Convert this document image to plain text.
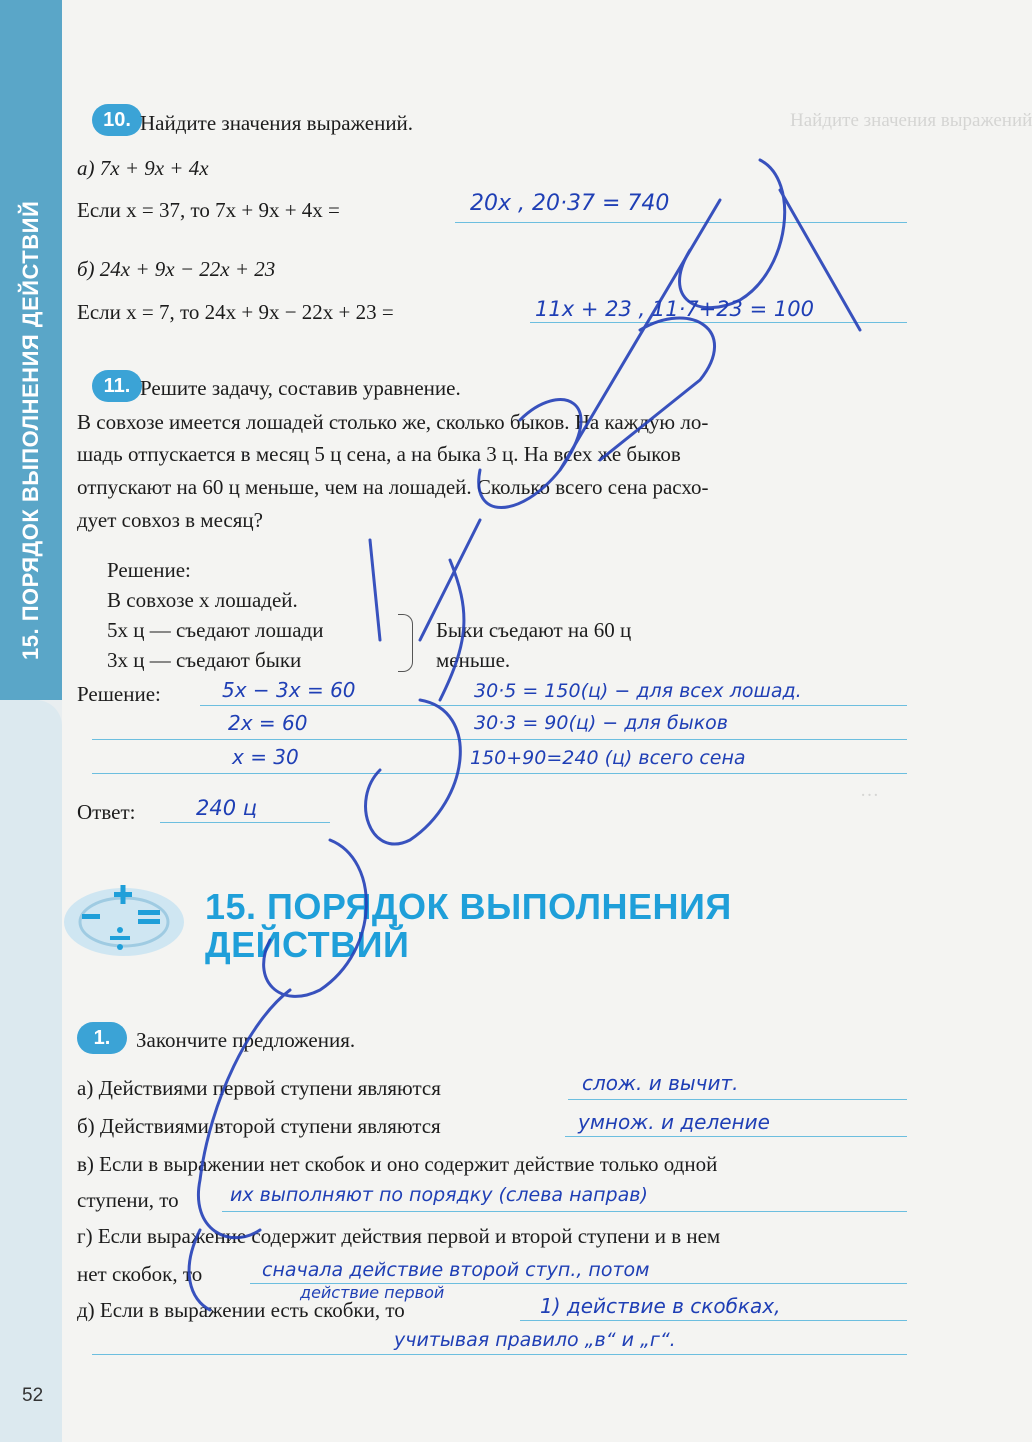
15. ПОРЯДОК ВЫПОЛНЕНИЯ ДЕЙСТВИЙ
52
Найдите значения выражений
…
10. Найдите значения выражений.
а) 7x + 9x + 4x
Если x = 37, то 7x + 9x + 4x =	20x , 20·37 = 740
б) 24x + 9x − 22x + 23
Если x = 7, то 24x + 9x − 22x + 23 =	11x + 23 , 11·7+23 = 100
11. Решите задачу, составив уравнение.
В совхозе имеется лошадей столько же, сколько быков. На каждую ло-
шадь отпускается в месяц 5 ц сена, а на быка 3 ц. На всех же быков
отпускают на 60 ц меньше, чем на лошадей. Сколько всего сена расхо-
дует совхоз в месяц?
Решение:
В совхозе x лошадей.
5x ц — съедают лошади
3x ц — съедают быки
Быки съедают на 60 ц
меньше.
Решение:	5x − 3x = 60
2x = 60
x = 30
30·5 = 150(ц) − для всех лошад.
30·3 = 90(ц) − для быков
150+90=240 (ц) всего сена
Ответ:	240 ц
15. ПОРЯДОК ВЫПОЛНЕНИЯ
ДЕЙСТВИЙ
1.	Закончите предложения.
а) Действиями первой ступени являются	слож. и вычит.
б) Действиями второй ступени являются	умнож. и деление
в) Если в выражении нет скобок и оно содержит действие только одной
ступени, то	их выполняют по порядку (слева направ)
г) Если выражение содержит действия первой и второй ступени и в нем
нет скобок, то	сначала действие второй ступ., потом
действие первой
д) Если в выражении есть скобки, то	1) действие в скобках,
учитывая правило „в“ и „г“.
